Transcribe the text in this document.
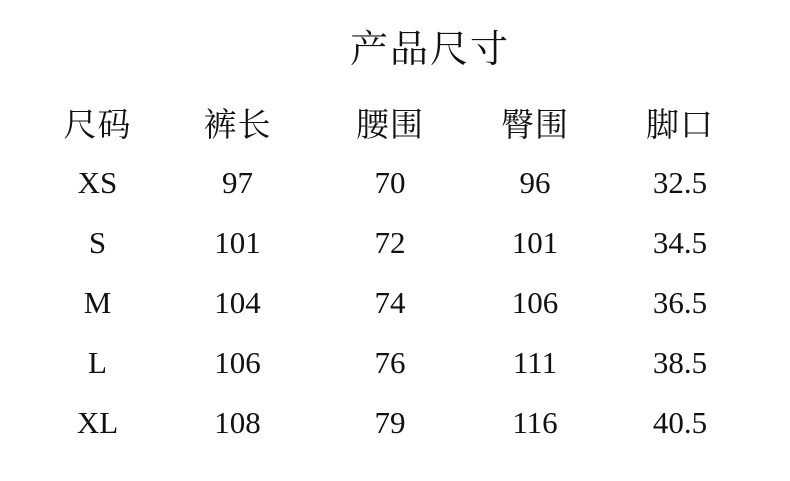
产品尺寸
尺码	裤长	腰围	臀围	脚口
XS	97	70	96	32.5
S	101	72	101	34.5
M	104	74	106	36.5
L	106	76	111	38.5
XL	108	79	116	40.5
